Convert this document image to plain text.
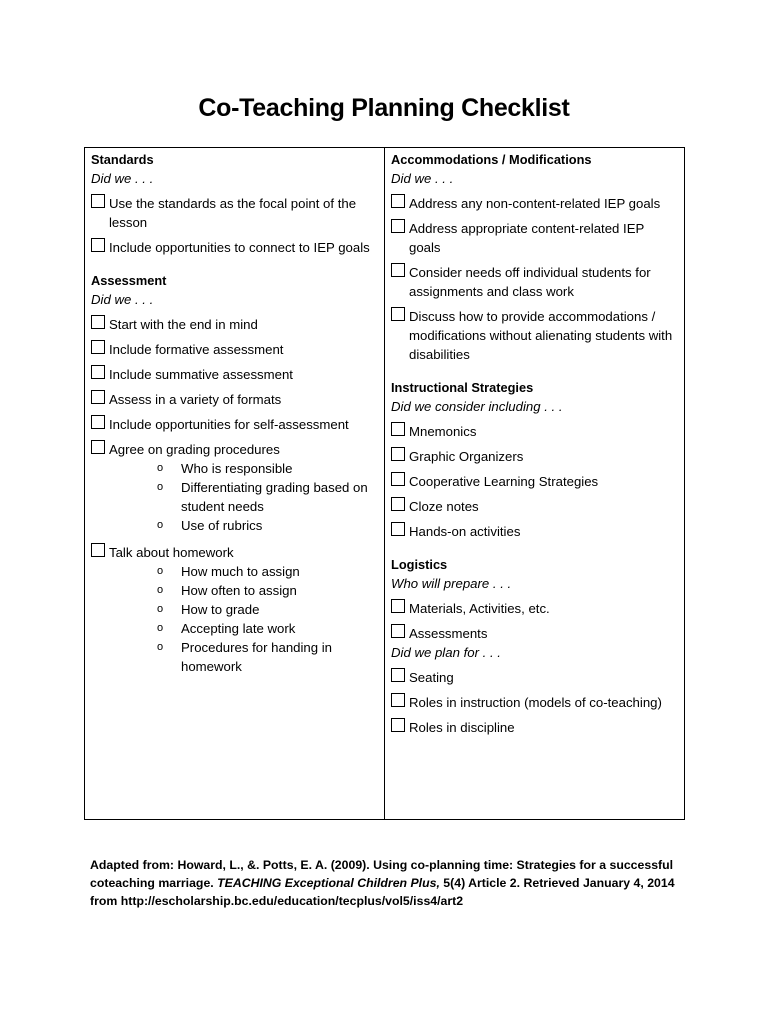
Co-Teaching Planning Checklist
Standards
Did we . . .
Use the standards as the focal point of the lesson
Include opportunities to connect to IEP goals
Assessment
Did we . . .
Start with the end in mind
Include formative assessment
Include summative assessment
Assess in a variety of formats
Include opportunities for self-assessment
Agree on grading procedures
o	Who is responsible
o	Differentiating grading based on student needs
o	Use of rubrics
Talk about homework
o	How much to assign
o	How often to assign
o	How to grade
o	Accepting late work
o	Procedures for handing in homework
Accommodations / Modifications
Did we . . .
Address any non-content-related IEP goals
Address appropriate content-related IEP goals
Consider needs off individual students for assignments and class work
Discuss how to provide accommodations / modifications without alienating students with disabilities
Instructional Strategies
Did we consider including . . .
Mnemonics
Graphic Organizers
Cooperative Learning Strategies
Cloze notes
Hands-on activities
Logistics
Who will prepare . . .
Materials, Activities, etc.
Assessments
Did we plan for . . .
Seating
Roles in instruction (models of co-teaching)
Roles in discipline
Adapted from: Howard, L., &. Potts, E. A. (2009). Using co-planning time: Strategies for a successful coteaching marriage. TEACHING Exceptional Children Plus, 5(4) Article 2. Retrieved January 4, 2014 from http://escholarship.bc.edu/education/tecplus/vol5/iss4/art2
